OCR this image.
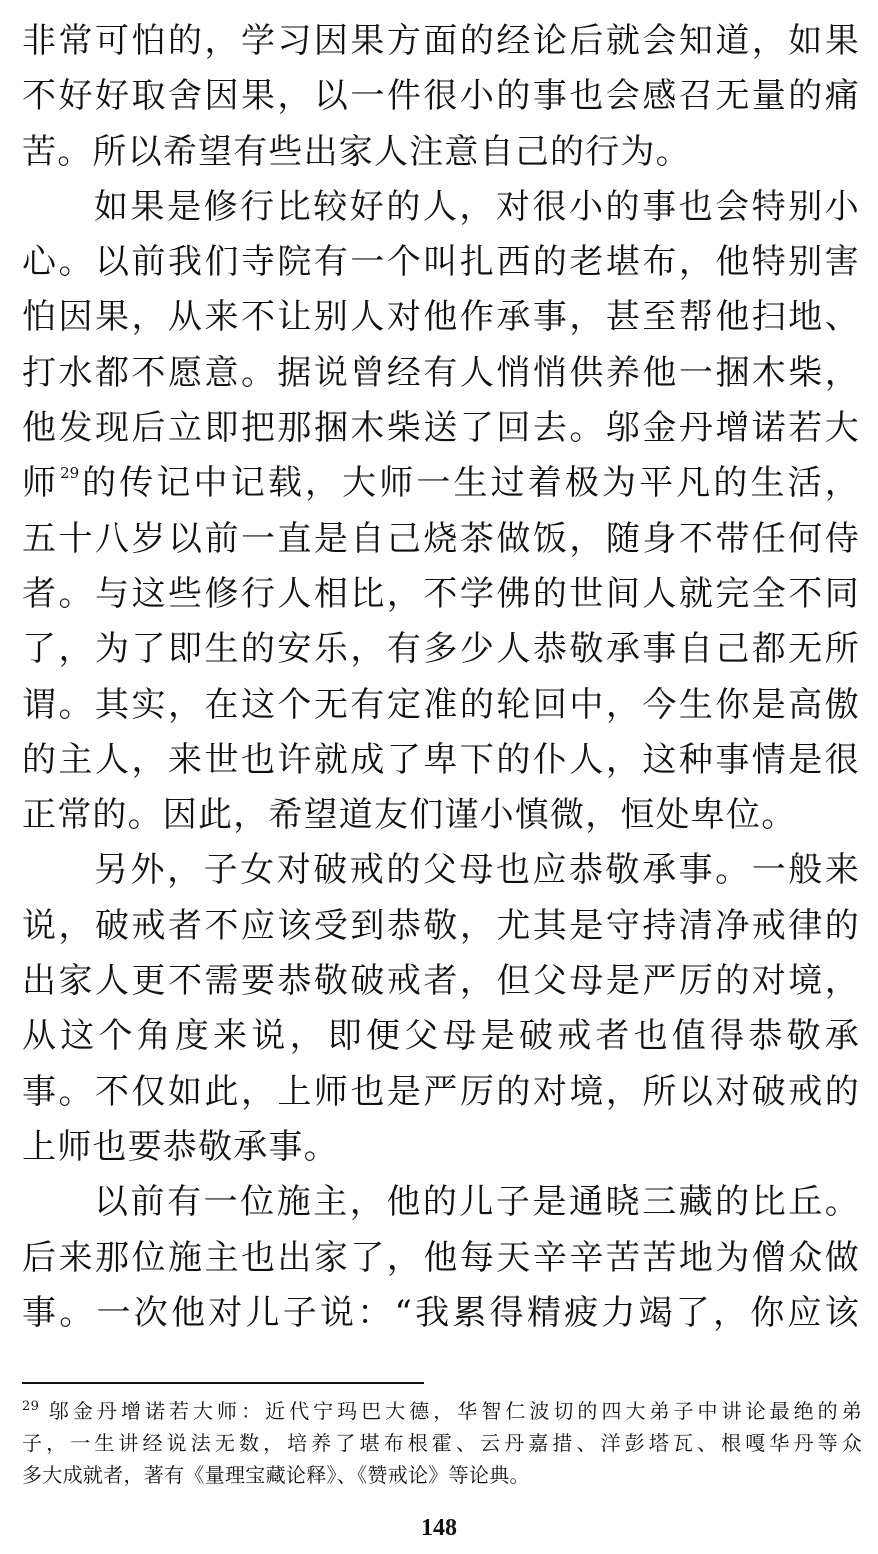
非常可怕的，学习因果方面的经论后就会知道，如果
不好好取舍因果，以一件很小的事也会感召无量的痛
苦。所以希望有些出家人注意自己的行为。
如果是修行比较好的人，对很小的事也会特别小
心。以前我们寺院有一个叫扎西的老堪布，他特别害
怕因果，从来不让别人对他作承事，甚至帮他扫地、
打水都不愿意。据说曾经有人悄悄供养他一捆木柴，
他发现后立即把那捆木柴送了回去。邬金丹增诺若大
师$^{29}$的传记中记载，大师一生过着极为平凡的生活，
五十八岁以前一直是自己烧茶做饭，随身不带任何侍
者。与这些修行人相比，不学佛的世间人就完全不同
了，为了即生的安乐，有多少人恭敬承事自己都无所
谓。其实，在这个无有定准的轮回中，今生你是高傲
的主人，来世也许就成了卑下的仆人，这种事情是很
正常的。因此，希望道友们谨小慎微，恒处卑位。
另外，子女对破戒的父母也应恭敬承事。一般来
说，破戒者不应该受到恭敬，尤其是守持清净戒律的
出家人更不需要恭敬破戒者，但父母是严厉的对境，
从这个角度来说，即便父母是破戒者也值得恭敬承
事。不仅如此，上师也是严厉的对境，所以对破戒的
上师也要恭敬承事。
以前有一位施主，他的儿子是通晓三藏的比丘。
后来那位施主也出家了，他每天辛辛苦苦地为僧众做
事。一次他对儿子说：“我累得精疲力竭了，你应该
$^{29}$ 邬金丹增诺若大师：近代宁玛巴大德，华智仁波切的四大弟子中讲论最绝的弟
子，一生讲经说法无数，培养了堪布根霍、云丹嘉措、洋彭塔瓦、根嘎华丹等众
多大成就者，著有《量理宝藏论释》、《赞戒论》等论典。
148
